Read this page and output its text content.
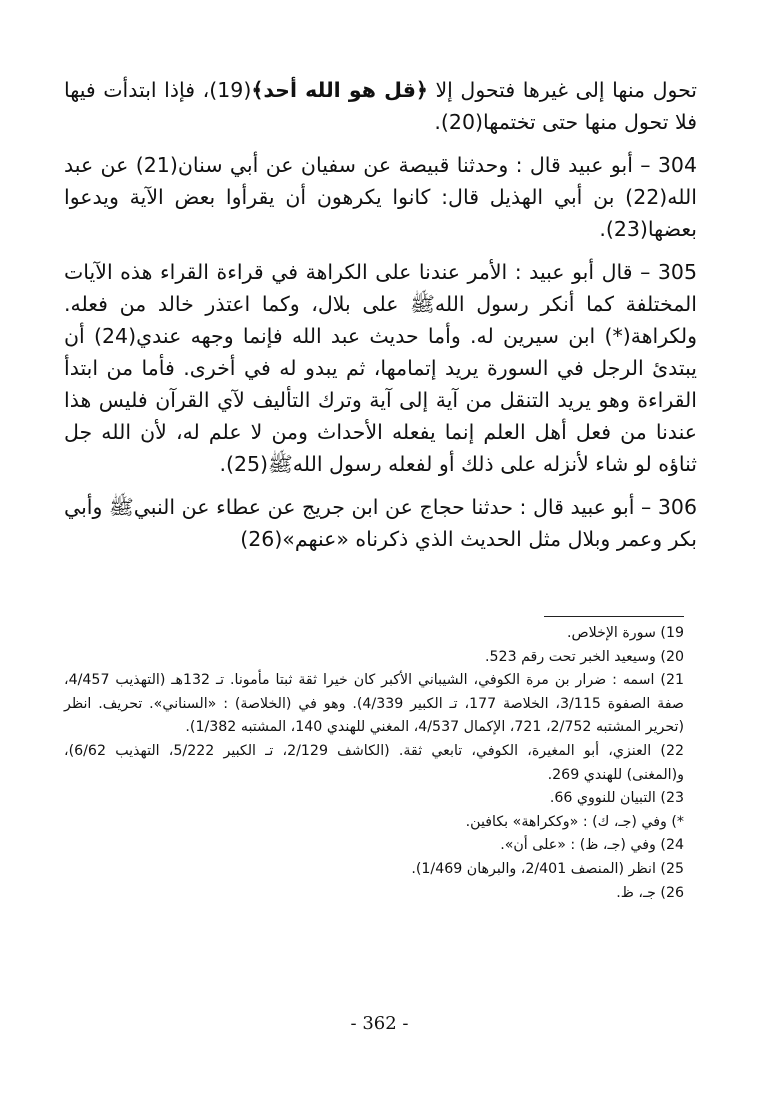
تحول منها إلى غيرها فتحول إلا ﴿قل هو الله أحد﴾(19)، فإذا ابتدأت فيها فلا تحول منها حتى تختمها(20).

304 – أبو عبيد قال : وحدثنا قبيصة عن سفيان عن أبي سنان(21) عن عبد الله(22) بن أبي الهذيل قال: كانوا يكرهون أن يقرأوا بعض الآية ويدعوا بعضها(23).

305 – قال أبو عبيد : الأمر عندنا على الكراهة في قراءة القراء هذه الآيات المختلفة كما أنكر رسول اللهﷺ على بلال، وكما اعتذر خالد من فعله. ولكراهة(*) ابن سيرين له. وأما حديث عبد الله فإنما وجهه عندي(24) أن يبتدئ الرجل في السورة يريد إتمامها، ثم يبدو له في أخرى. فأما من ابتدأ القراءة وهو يريد التنقل من آية إلى آية وترك التأليف لآي القرآن فليس هذا عندنا من فعل أهل العلم إنما يفعله الأحداث ومن لا علم له، لأن الله جل ثناؤه لو شاء لأنزله على ذلك أو لفعله رسول اللهﷺ(25).

306 – أبو عبيد قال : حدثنا حجاج عن ابن جريج عن عطاء عن النبيﷺ وأبي بكر وعمر وبلال مثل الحديث الذي ذكرناه «عنهم»(26)

19) سورة الإخلاص.

20) وسيعيد الخبر تحت رقم 523.

21) اسمه : ضرار بن مرة الكوفي، الشيباني الأكبر كان خيرا ثقة ثبتا مأمونا. تـ 132هـ (التهذيب 4/457، صفة الصفوة 3/115، الخلاصة 177، تـ الكبير 4/339). وهو في (الخلاصة) : «السناني». تحريف. انظر (تحرير المشتبه 2/752، 721، الإكمال 4/537، المغني للهندي 140، المشتبه 1/382).

22) العنزي، أبو المغيرة، الكوفي، تابعي ثقة. (الكاشف 2/129، تـ الكبير 5/222، التهذيب 6/62)، و(المغنى) للهندي 269.

23) التبيان للنووي 66.

*) وفي (جـ، ك) : «وككراهة» بكافين.

24) وفي (جـ، ظ) : «على أن».

25) انظر (المنصف 2/401، والبرهان 1/469).

26) جـ، ظ.

- 362 -
